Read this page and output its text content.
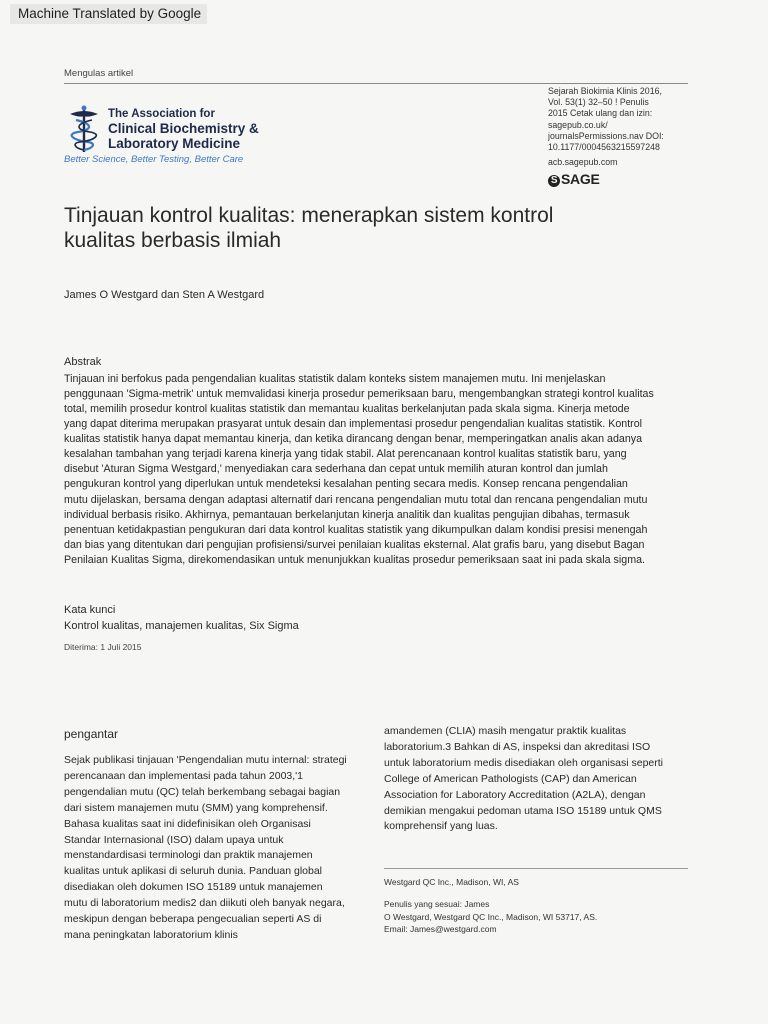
Machine Translated by Google
Mengulas artikel
The Association for
Clinical Biochemistry &
Laboratory Medicine
Better Science, Better Testing, Better Care
Sejarah Biokimia Klinis 2016,
Vol. 53(1) 32–50 ! Penulis
2015 Cetak ulang dan izin:
sagepub.co.uk/
journalsPermissions.nav DOI:
10.1177/0004563215597248
acb.sagepub.com
S SAGE
Tinjauan kontrol kualitas: menerapkan sistem kontrol
kualitas berbasis ilmiah
James O Westgard dan Sten A Westgard
Abstrak
Tinjauan ini berfokus pada pengendalian kualitas statistik dalam konteks sistem manajemen mutu. Ini menjelaskan
penggunaan 'Sigma-metrik' untuk memvalidasi kinerja prosedur pemeriksaan baru, mengembangkan strategi kontrol kualitas
total, memilih prosedur kontrol kualitas statistik dan memantau kualitas berkelanjutan pada skala sigma. Kinerja metode
yang dapat diterima merupakan prasyarat untuk desain dan implementasi prosedur pengendalian kualitas statistik. Kontrol
kualitas statistik hanya dapat memantau kinerja, dan ketika dirancang dengan benar, memperingatkan analis akan adanya
kesalahan tambahan yang terjadi karena kinerja yang tidak stabil. Alat perencanaan kontrol kualitas statistik baru, yang
disebut 'Aturan Sigma Westgard,' menyediakan cara sederhana dan cepat untuk memilih aturan kontrol dan jumlah
pengukuran kontrol yang diperlukan untuk mendeteksi kesalahan penting secara medis. Konsep rencana pengendalian
mutu dijelaskan, bersama dengan adaptasi alternatif dari rencana pengendalian mutu total dan rencana pengendalian mutu
individual berbasis risiko. Akhirnya, pemantauan berkelanjutan kinerja analitik dan kualitas pengujian dibahas, termasuk
penentuan ketidakpastian pengukuran dari data kontrol kualitas statistik yang dikumpulkan dalam kondisi presisi menengah
dan bias yang ditentukan dari pengujian profisiensi/survei penilaian kualitas eksternal. Alat grafis baru, yang disebut Bagan
Penilaian Kualitas Sigma, direkomendasikan untuk menunjukkan kualitas prosedur pemeriksaan saat ini pada skala sigma.
Kata kunci
Kontrol kualitas, manajemen kualitas, Six Sigma
Diterima: 1 Juli 2015
pengantar
Sejak publikasi tinjauan 'Pengendalian mutu internal: strategi
perencanaan dan implementasi pada tahun 2003,'1
pengendalian mutu (QC) telah berkembang sebagai bagian
dari sistem manajemen mutu (SMM) yang komprehensif.
Bahasa kualitas saat ini didefinisikan oleh Organisasi
Standar Internasional (ISO) dalam upaya untuk
menstandardisasi terminologi dan praktik manajemen
kualitas untuk aplikasi di seluruh dunia. Panduan global
disediakan oleh dokumen ISO 15189 untuk manajemen
mutu di laboratorium medis2 dan diikuti oleh banyak negara,
meskipun dengan beberapa pengecualian seperti AS di
mana peningkatan laboratorium klinis
amandemen (CLIA) masih mengatur praktik kualitas
laboratorium.3 Bahkan di AS, inspeksi dan akreditasi ISO
untuk laboratorium medis disediakan oleh organisasi seperti
College of American Pathologists (CAP) dan American
Association for Laboratory Accreditation (A2LA), dengan
demikian mengakui pedoman utama ISO 15189 untuk QMS
komprehensif yang luas.
Westgard QC Inc., Madison, WI, AS
Penulis yang sesuai: James
O Westgard, Westgard QC Inc., Madison, WI 53717, AS.
Email: James@westgard.com
